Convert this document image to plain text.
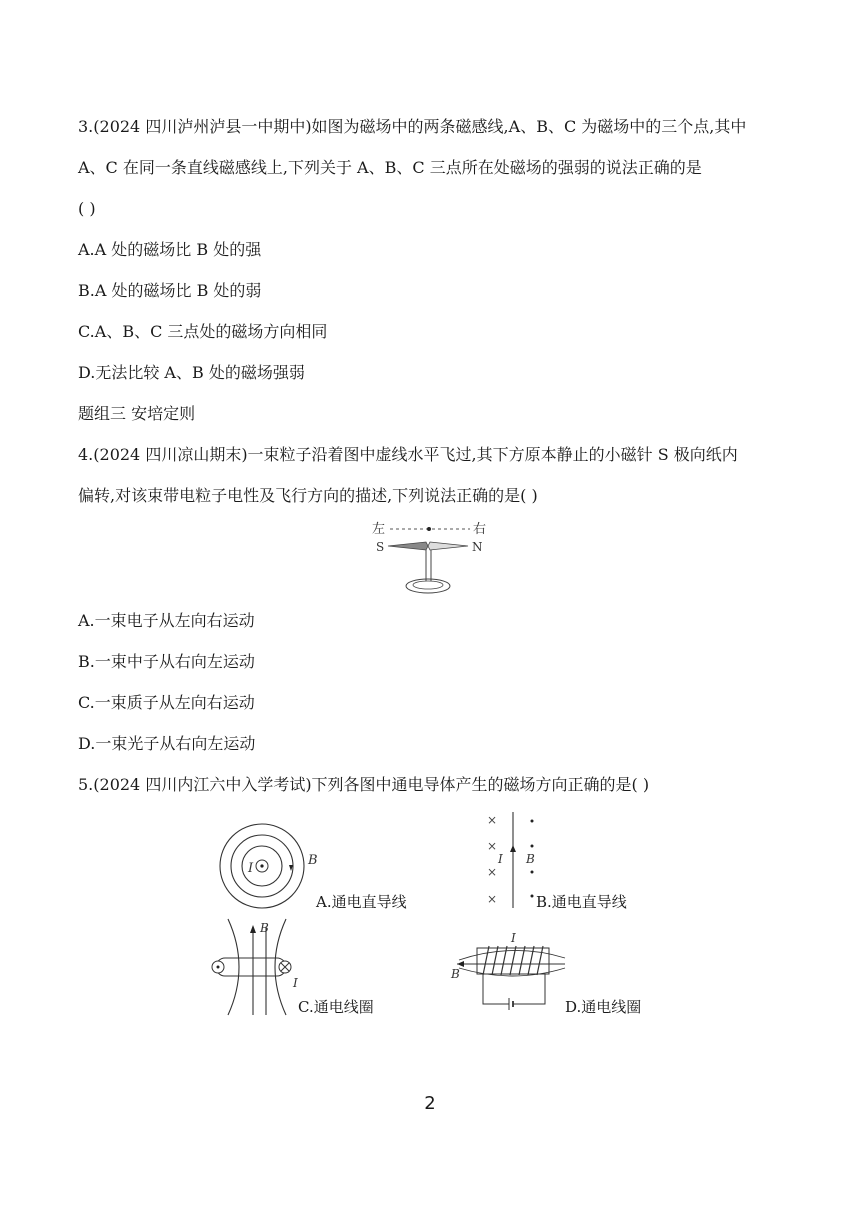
3.(2024 四川泸州泸县一中期中)如图为磁场中的两条磁感线,A、B、C 为磁场中的三个点,其中
A、C 在同一条直线磁感线上,下列关于 A、B、C 三点所在处磁场的强弱的说法正确的是
( )
A.A 处的磁场比 B 处的强
B.A 处的磁场比 B 处的弱
C.A、B、C 三点处的磁场方向相同
D.无法比较 A、B 处的磁场强弱
题组三 安培定则
4.(2024 四川凉山期末)一束粒子沿着图中虚线水平飞过,其下方原本静止的小磁针 S 极向纸内
偏转,对该束带电粒子电性及飞行方向的描述,下列说法正确的是( )
左	右
S	N
A.一束电子从左向右运动
B.一束中子从右向左运动
C.一束质子从左向右运动
D.一束光子从右向左运动
5.(2024 四川内江六中入学考试)下列各图中通电导体产生的磁场方向正确的是( )
I
B
A.通电直导线
×
×
×
×
I B
B.通电直导线
B
I
C.通电线圈
I
B
D.通电线圈
2
